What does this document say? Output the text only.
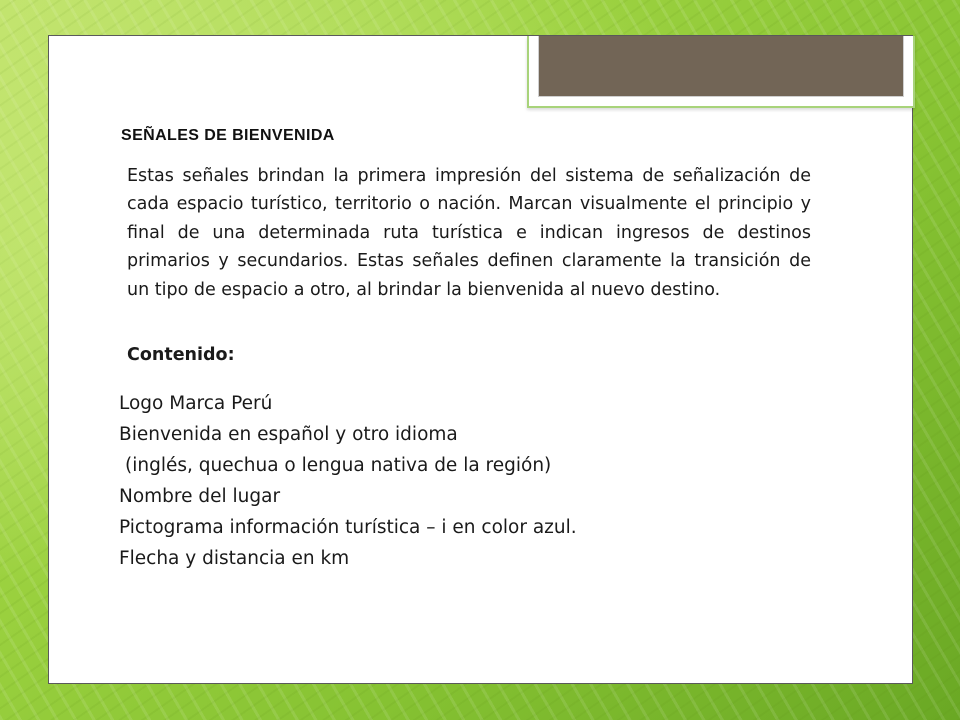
SEÑALES DE BIENVENIDA

Estas señales brindan la primera impresión del sistema de señalización de cada espacio turístico, territorio o nación. Marcan visualmente el principio y final de una determinada ruta turística e indican ingresos de destinos primarios y secundarios. Estas señales definen claramente la transición de un tipo de espacio a otro, al brindar la bienvenida al nuevo destino.

Contenido:
Logo Marca Perú
Bienvenida en español y otro idioma
(inglés, quechua o lengua nativa de la región)
Nombre del lugar
Pictograma información turística – i en color azul.
Flecha y distancia en km
